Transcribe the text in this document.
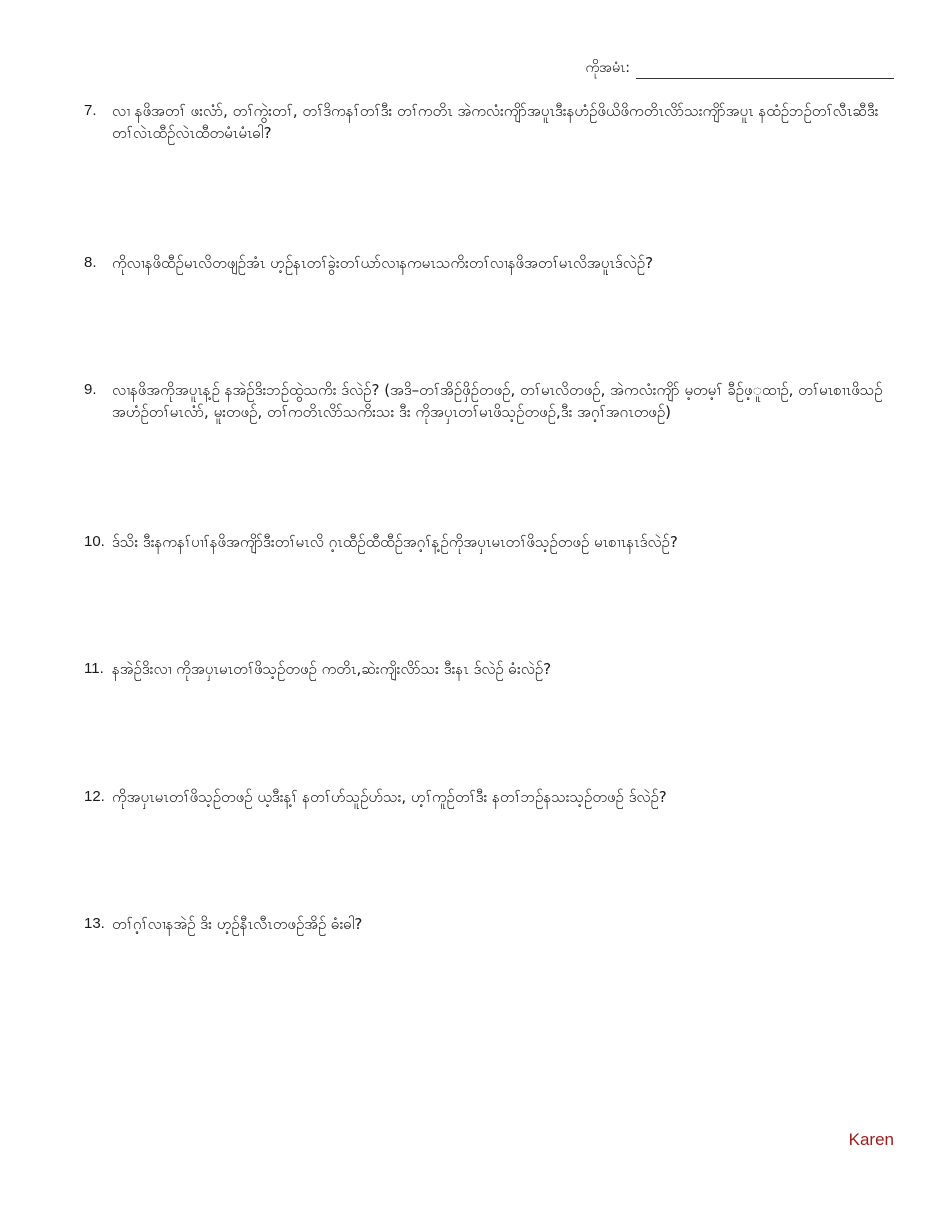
ကိုအမံၤ:
7.	လၢ နဖိအတၢ် ဖးလံာ်, တၢ်ကွဲးတၢ်, တၢ်ဒိကနၢ်တၢ်ဒီး တၢ်ကတိၤ အဲကလံးကျိာ်အပူၤဒီးနဟံဉ်ဖိယိဖိကတိၤလိာ်သးကျိာ်အပူၤ နထံဉ်ဘဉ်တၢ်လီၤဆီဒီးတၢ်လဲၤထီဉ်လဲၤထီတမံၤမံၤဓါ?
8.	ကိုလၢနဖိထီဉ်မၤလိတဖျဉ်အံၤ ဟ့ဉ်နၤတၢ်ခွဲးတၢ်ယာ်လၢနကမၤသကိးတၢ်လၢနဖိအတၢ်မၤလိအပူၤဒ်လဲဉ်?
9.	လၢနဖိအကိုအပူၤန့ဉ် နအဲဉ်ဒိးဘဉ်ထွဲသကိး ဒ်လဲဉ်? (အဒိ–တၢ်အိဉ်ဖှိဉ်တဖဉ်, တၢ်မၤလိတဖဉ်, အဲကလံးကျိာ် မ့တမ့ၢ် ခီဉ်ဖ့ူထၢဉ်, တၢ်မၤစၢၤဖိသဉ်အဟံဉ်တၢ်မၤလံာ်, မူးတဖဉ်, တၢ်ကတိၤလိာ်သကိးသး ဒီး ကိုအပှၤတၢ်မၤဖိသ့ဉ်တဖဉ်,ဒီး အဂ့ၢ်အဂၤတဖဉ်)
10. ဒ်သိး ဒီးနကနၢ်ပၢၢ်နဖိအကျိာ်ဒီးတၢ်မၤလိ ဂ့ၤထီဉ်ထီထီဉ်အဂ့ၢ်န့ဉ်ကိုအပှၤမၤတၢ်ဖိသ့ဉ်တဖဉ် မၤစၢၤနၤဒ်လဲဉ်?
11. နအဲဉ်ဒိးလၢ ကိုအပှၤမၤတၢ်ဖိသ့ဉ်တဖဉ် ကတိၤ,ဆဲးကျိးလိာ်သး ဒီးနၤ ဒ်လဲဉ် ဓံးလဲဉ်?
12. ကိုအပှၤမၤတၢ်ဖိသ့ဉ်တဖဉ် ယ့ဒီးန့ၢ် နတၢ်ဟ်သူဉ်ဟ်သး, ဟ့ၢ်ကူဉ်တၢ်ဒီး နတၢ်ဘဉ်နသးသ့ဉ်တဖဉ် ဒ်လဲဉ်?
13. တၢ်ဂ့ၢ်လၢနအဲဉ် ဒိး ဟ့ဉ်နီၤလီၤတဖဉ်အိဉ် ဓံးဓါ?
Karen
